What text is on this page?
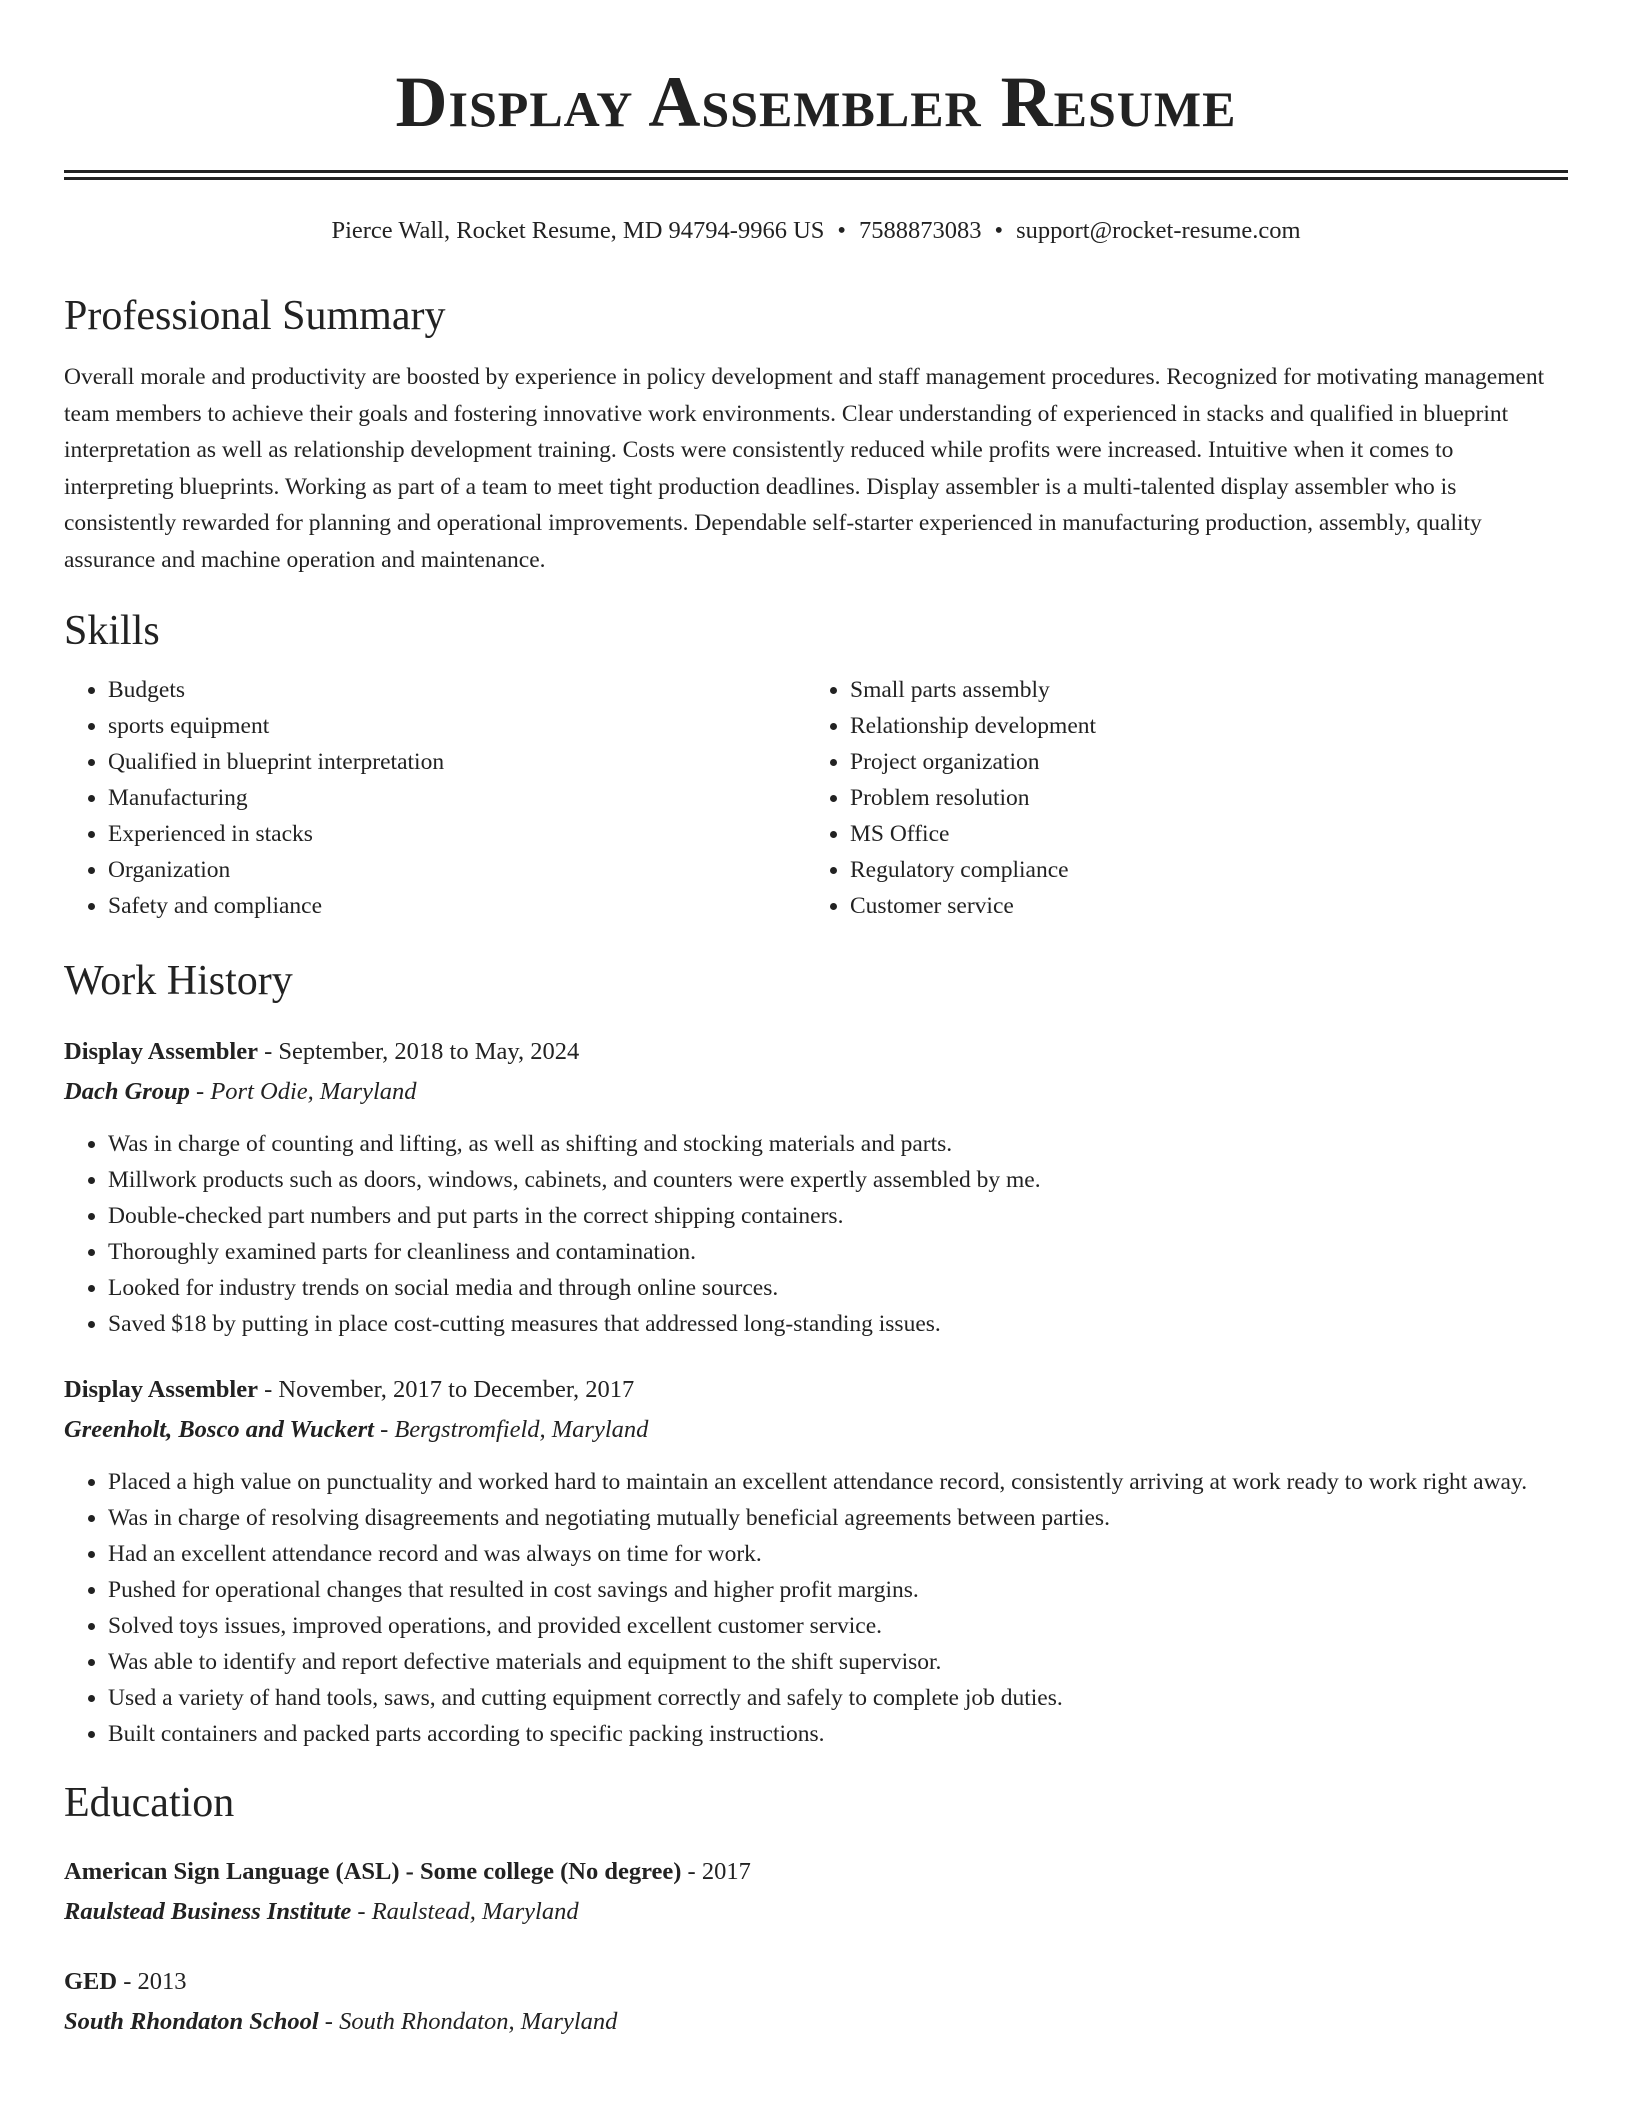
Display Assembler Resume
Pierce Wall, Rocket Resume, MD 94794-9966 US • 7588873083 • support@rocket-resume.com
Professional Summary

Overall morale and productivity are boosted by experience in policy development and staff management procedures. Recognized for motivating management team members to achieve their goals and fostering innovative work environments. Clear understanding of experienced in stacks and qualified in blueprint interpretation as well as relationship development training. Costs were consistently reduced while profits were increased. Intuitive when it comes to interpreting blueprints. Working as part of a team to meet tight production deadlines. Display assembler is a multi-talented display assembler who is consistently rewarded for planning and operational improvements. Dependable self-starter experienced in manufacturing production, assembly, quality assurance and machine operation and maintenance.

Skills
• Budgets
• sports equipment
• Qualified in blueprint interpretation
• Manufacturing
• Experienced in stacks
• Organization
• Safety and compliance
• Small parts assembly
• Relationship development
• Project organization
• Problem resolution
• MS Office
• Regulatory compliance
• Customer service
Work History
Display Assembler - September, 2018 to May, 2024
Dach Group - Port Odie, Maryland
• Was in charge of counting and lifting, as well as shifting and stocking materials and parts.
• Millwork products such as doors, windows, cabinets, and counters were expertly assembled by me.
• Double-checked part numbers and put parts in the correct shipping containers.
• Thoroughly examined parts for cleanliness and contamination.
• Looked for industry trends on social media and through online sources.
• Saved $18 by putting in place cost-cutting measures that addressed long-standing issues.
Display Assembler - November, 2017 to December, 2017
Greenholt, Bosco and Wuckert - Bergstromfield, Maryland
• Placed a high value on punctuality and worked hard to maintain an excellent attendance record, consistently arriving at work ready to work right away.
• Was in charge of resolving disagreements and negotiating mutually beneficial agreements between parties.
• Had an excellent attendance record and was always on time for work.
• Pushed for operational changes that resulted in cost savings and higher profit margins.
• Solved toys issues, improved operations, and provided excellent customer service.
• Was able to identify and report defective materials and equipment to the shift supervisor.
• Used a variety of hand tools, saws, and cutting equipment correctly and safely to complete job duties.
• Built containers and packed parts according to specific packing instructions.
Education
American Sign Language (ASL) - Some college (No degree) - 2017
Raulstead Business Institute - Raulstead, Maryland
GED - 2013
South Rhondaton School - South Rhondaton, Maryland
